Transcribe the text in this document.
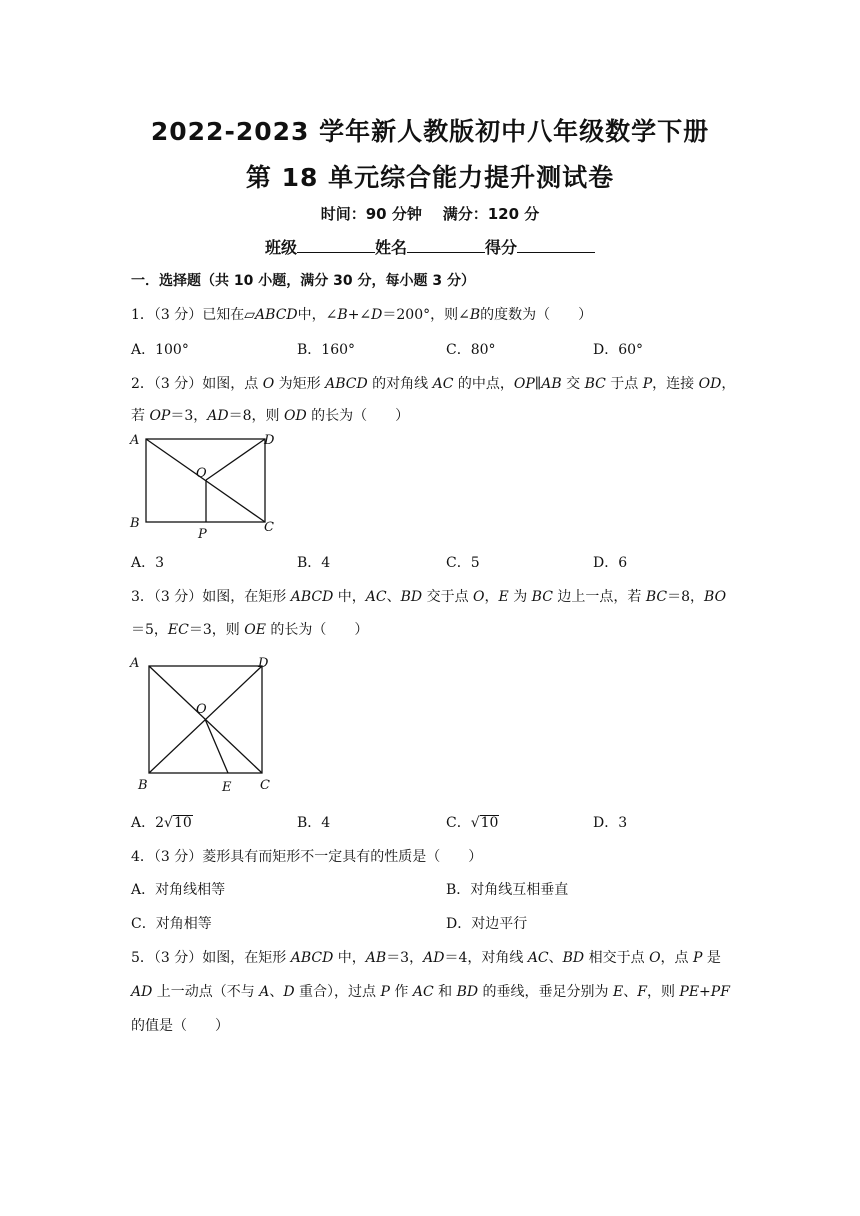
2022-2023 学年新人教版初中八年级数学下册
第 18 单元综合能力提升测试卷
时间：90 分钟 满分：120 分
班级	姓名	得分
一．选择题（共 10 小题，满分 30 分，每小题 3 分）
1．（3 分）已知在▱ABCD中，∠B+∠D＝200°，则∠B的度数为（　　）
A．100°	B．160°	C．80°	D．60°
2．（3 分）如图，点 O 为矩形 ABCD 的对角线 AC 的中点，OP∥AB 交 BC 于点 P，连接 OD，
若 OP＝3，AD＝8，则 OD 的长为（　　）
A	D
O
B
P	C
A．3	B．4	C．5	D．6
3．（3 分）如图，在矩形 ABCD 中，AC、BD 交于点 O，E 为 BC 边上一点，若 BC＝8，BO
＝5，EC＝3，则 OE 的长为（　　）
A	D
O
B	E C
A．2√10	B．4	C．√10	D．3
4．（3 分）菱形具有而矩形不一定具有的性质是（　　）
A．对角线相等	B．对角线互相垂直
C．对角相等	D．对边平行
5．（3 分）如图，在矩形 ABCD 中，AB＝3，AD＝4，对角线 AC、BD 相交于点 O，点 P 是
AD 上一动点（不与 A、D 重合），过点 P 作 AC 和 BD 的垂线，垂足分别为 E、F，则 PE+PF
的值是（　　）
